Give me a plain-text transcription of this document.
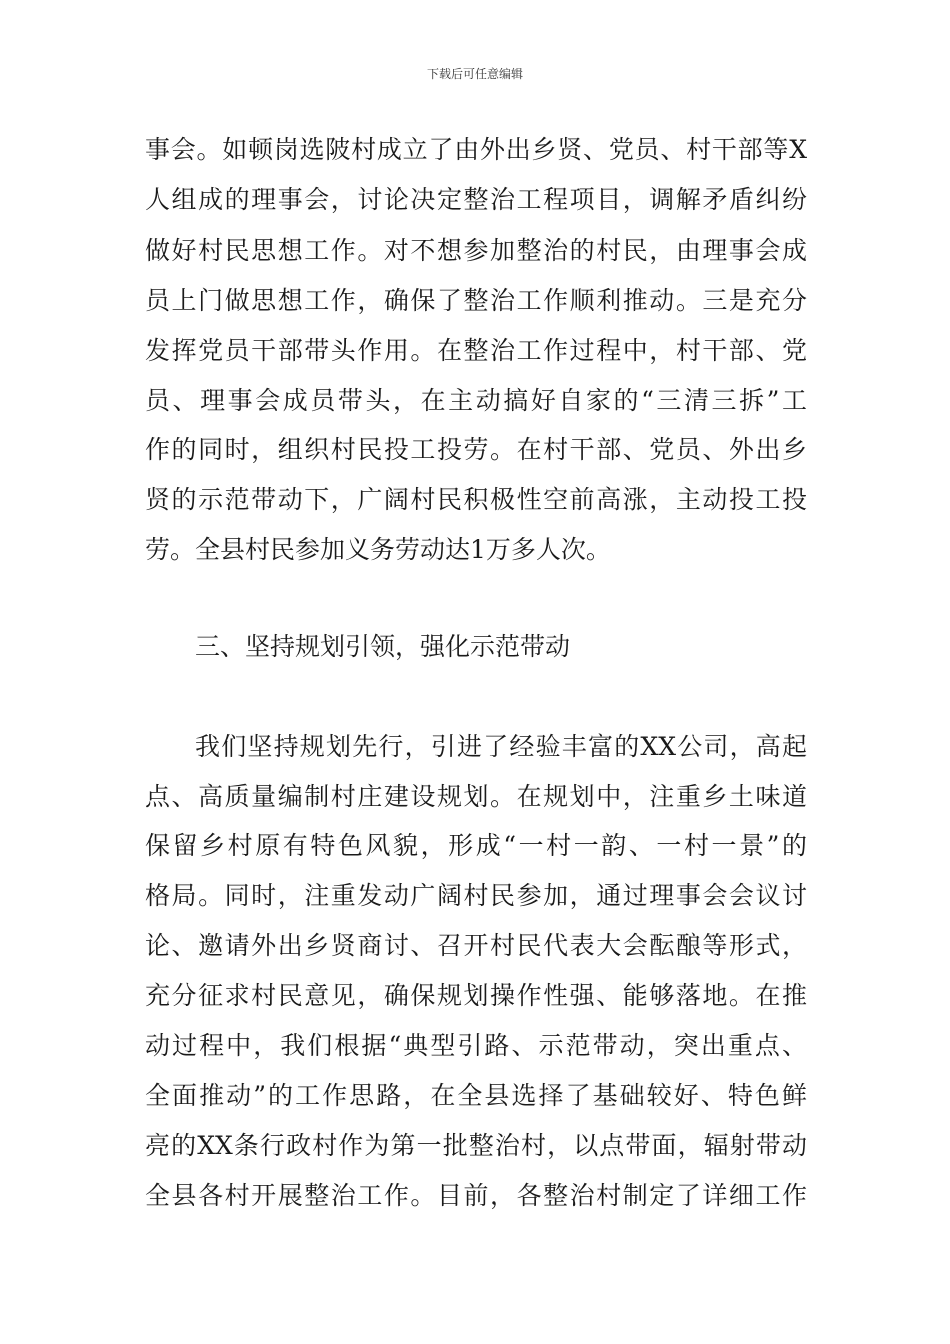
下载后可任意编辑
事会。如顿岗选陂村成立了由外出乡贤、党员、村干部等X
人组成的理事会，讨论决定整治工程项目，调解矛盾纠纷
做好村民思想工作。对不想参加整治的村民，由理事会成
员上门做思想工作，确保了整治工作顺利推动。三是充分
发挥党员干部带头作用。在整治工作过程中，村干部、党
员、理事会成员带头，在主动搞好自家的“三清三拆”工
作的同时，组织村民投工投劳。在村干部、党员、外出乡
贤的示范带动下，广阔村民积极性空前高涨，主动投工投
劳。全县村民参加义务劳动达1万多人次。
三、坚持规划引领，强化示范带动
我们坚持规划先行，引进了经验丰富的XX公司，高起
点、高质量编制村庄建设规划。在规划中，注重乡土味道
保留乡村原有特色风貌，形成“一村一韵、一村一景”的
格局。同时，注重发动广阔村民参加，通过理事会会议讨
论、邀请外出乡贤商讨、召开村民代表大会酝酿等形式，
充分征求村民意见，确保规划操作性强、能够落地。在推
动过程中，我们根据“典型引路、示范带动，突出重点、
全面推动”的工作思路，在全县选择了基础较好、特色鲜
亮的XX条行政村作为第一批整治村，以点带面，辐射带动
全县各村开展整治工作。目前，各整治村制定了详细工作
